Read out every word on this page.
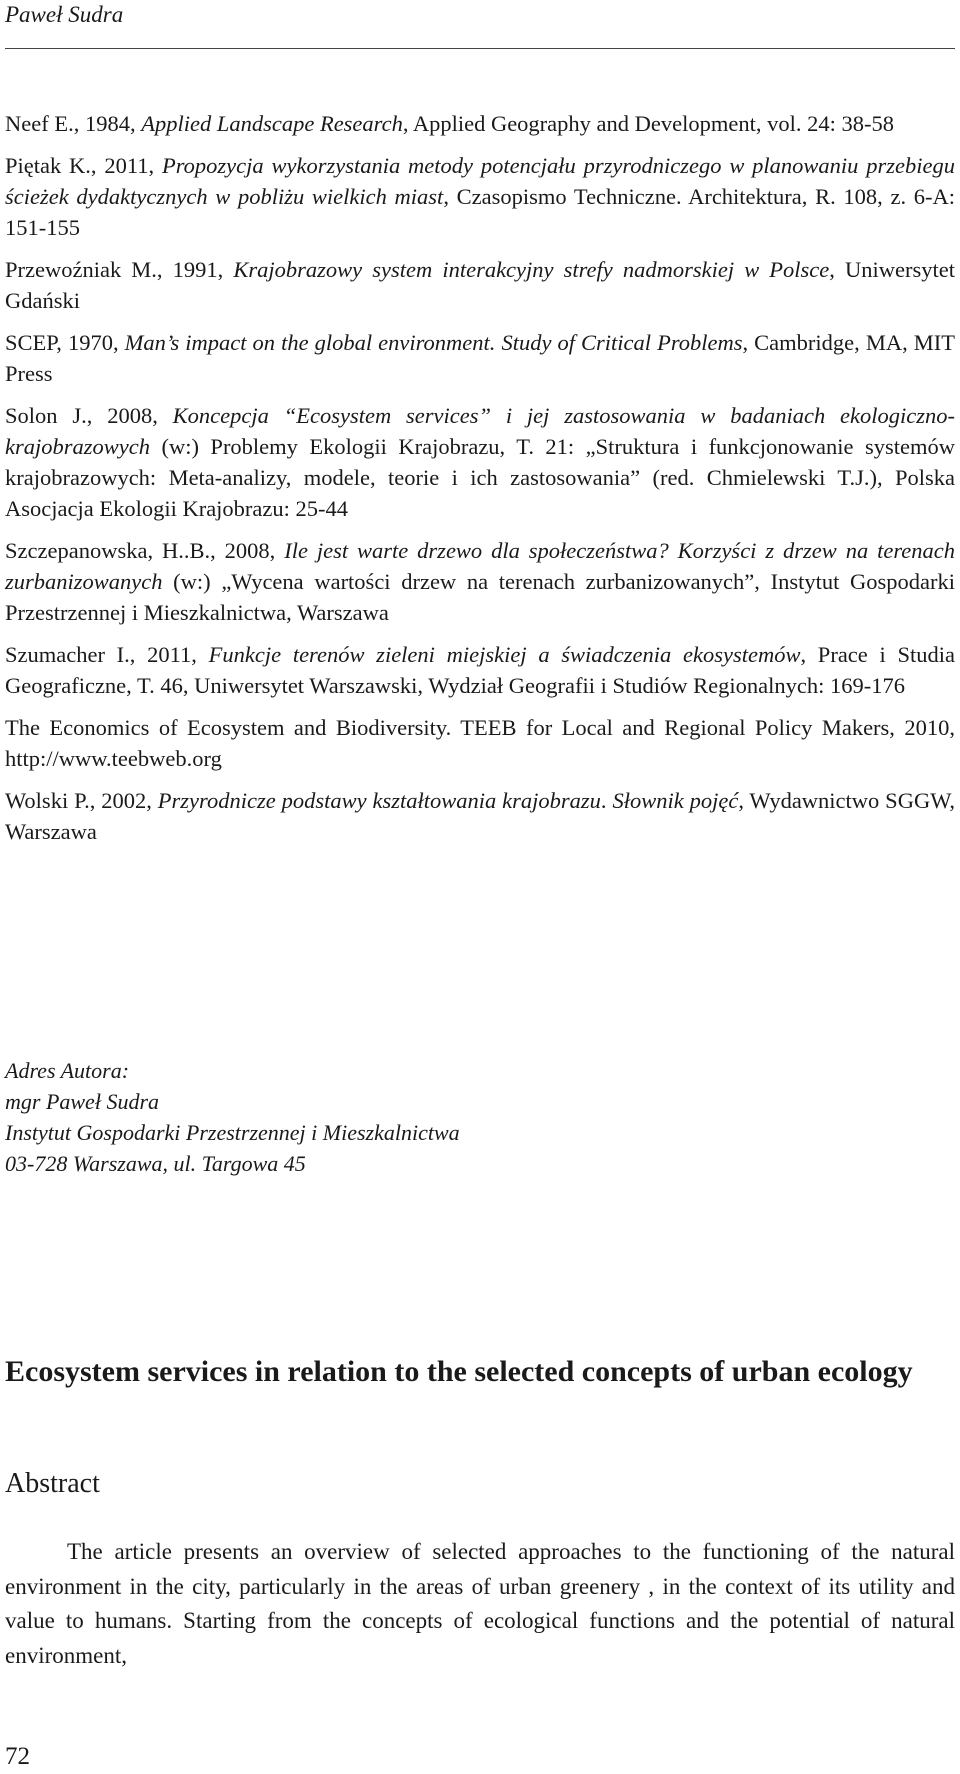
Paweł Sudra
Neef E., 1984, Applied Landscape Research, Applied Geography and Development, vol. 24: 38-58
Piętak K., 2011, Propozycja wykorzystania metody potencjału przyrodniczego w planowaniu przebiegu ścieżek dydaktycznych w pobliżu wielkich miast, Czasopismo Techniczne. Architektura, R. 108, z. 6-A: 151-155
Przewoźniak M., 1991, Krajobrazowy system interakcyjny strefy nadmorskiej w Polsce, Uniwersytet Gdański
SCEP, 1970, Man’s impact on the global environment. Study of Critical Problems, Cambridge, MA, MIT Press
Solon J., 2008, Koncepcja “Ecosystem services” i jej zastosowania w badaniach ekologiczno-krajobrazowych (w:) Problemy Ekologii Krajobrazu, T. 21: „Struktura i funkcjonowanie systemów krajobrazowych: Meta-analizy, modele, teorie i ich zastosowania” (red. Chmielewski T.J.), Polska Asocjacja Ekologii Krajobrazu: 25-44
Szczepanowska, H..B., 2008, Ile jest warte drzewo dla społeczeństwa? Korzyści z drzew na terenach zurbanizowanych (w:) „Wycena wartości drzew na terenach zurbanizowanych”, Instytut Gospodarki Przestrzennej i Mieszkalnictwa, Warszawa
Szumacher I., 2011, Funkcje terenów zieleni miejskiej a świadczenia ekosystemów, Prace i Studia Geograficzne, T. 46, Uniwersytet Warszawski, Wydział Geografii i Studiów Regionalnych: 169-176
The Economics of Ecosystem and Biodiversity. TEEB for Local and Regional Policy Makers, 2010, http://www.teebweb.org
Wolski P., 2002, Przyrodnicze podstawy kształtowania krajobrazu. Słownik pojęć, Wydawnictwo SGGW, Warszawa
Adres Autora:
mgr Paweł Sudra
Instytut Gospodarki Przestrzennej i Mieszkalnictwa
03-728 Warszawa, ul. Targowa 45
Ecosystem services in relation to the selected concepts of urban ecology
Abstract
The article presents an overview of selected approaches to the functioning of the natural environment in the city, particularly in the areas of urban greenery , in the context of its utility and value to humans. Starting from the concepts of ecological functions and the potential of natural environment,
72
